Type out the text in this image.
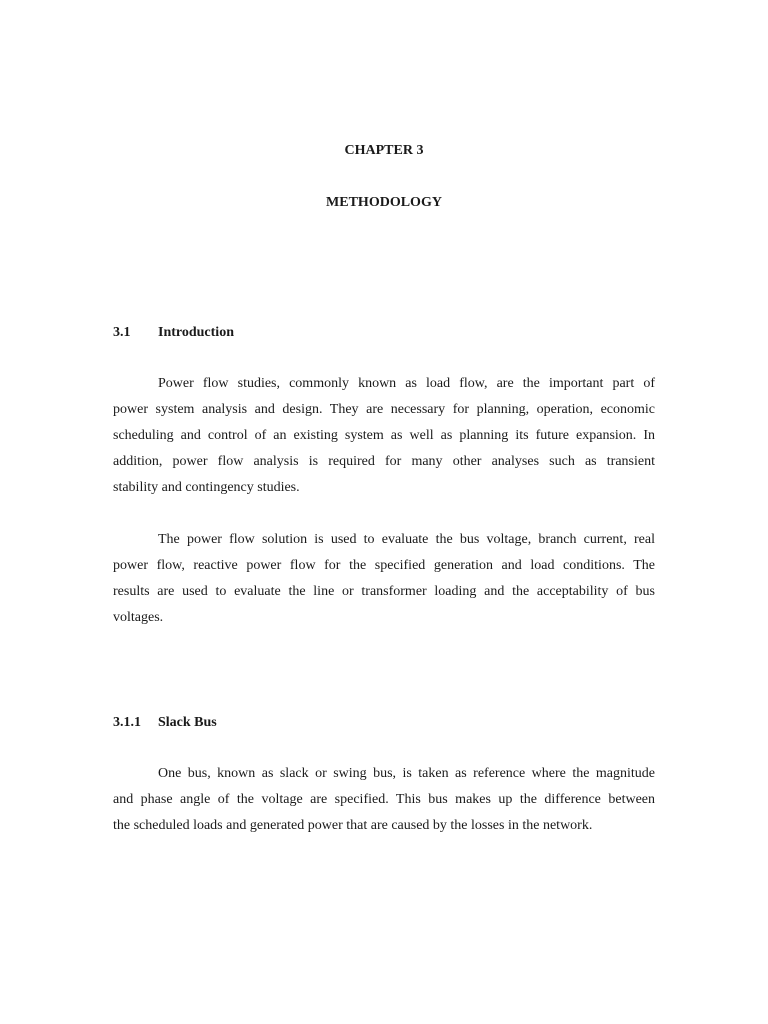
CHAPTER 3
METHODOLOGY
3.1 Introduction
Power flow studies, commonly known as load flow, are the important part of
power system analysis and design. They are necessary for planning, operation, economic
scheduling and control of an existing system as well as planning its future expansion. In
addition, power flow analysis is required for many other analyses such as transient
stability and contingency studies.
The power flow solution is used to evaluate the bus voltage, branch current, real
power flow, reactive power flow for the specified generation and load conditions. The
results are used to evaluate the line or transformer loading and the acceptability of bus
voltages.
3.1.1 Slack Bus
One bus, known as slack or swing bus, is taken as reference where the magnitude
and phase angle of the voltage are specified. This bus makes up the difference between
the scheduled loads and generated power that are caused by the losses in the network.
